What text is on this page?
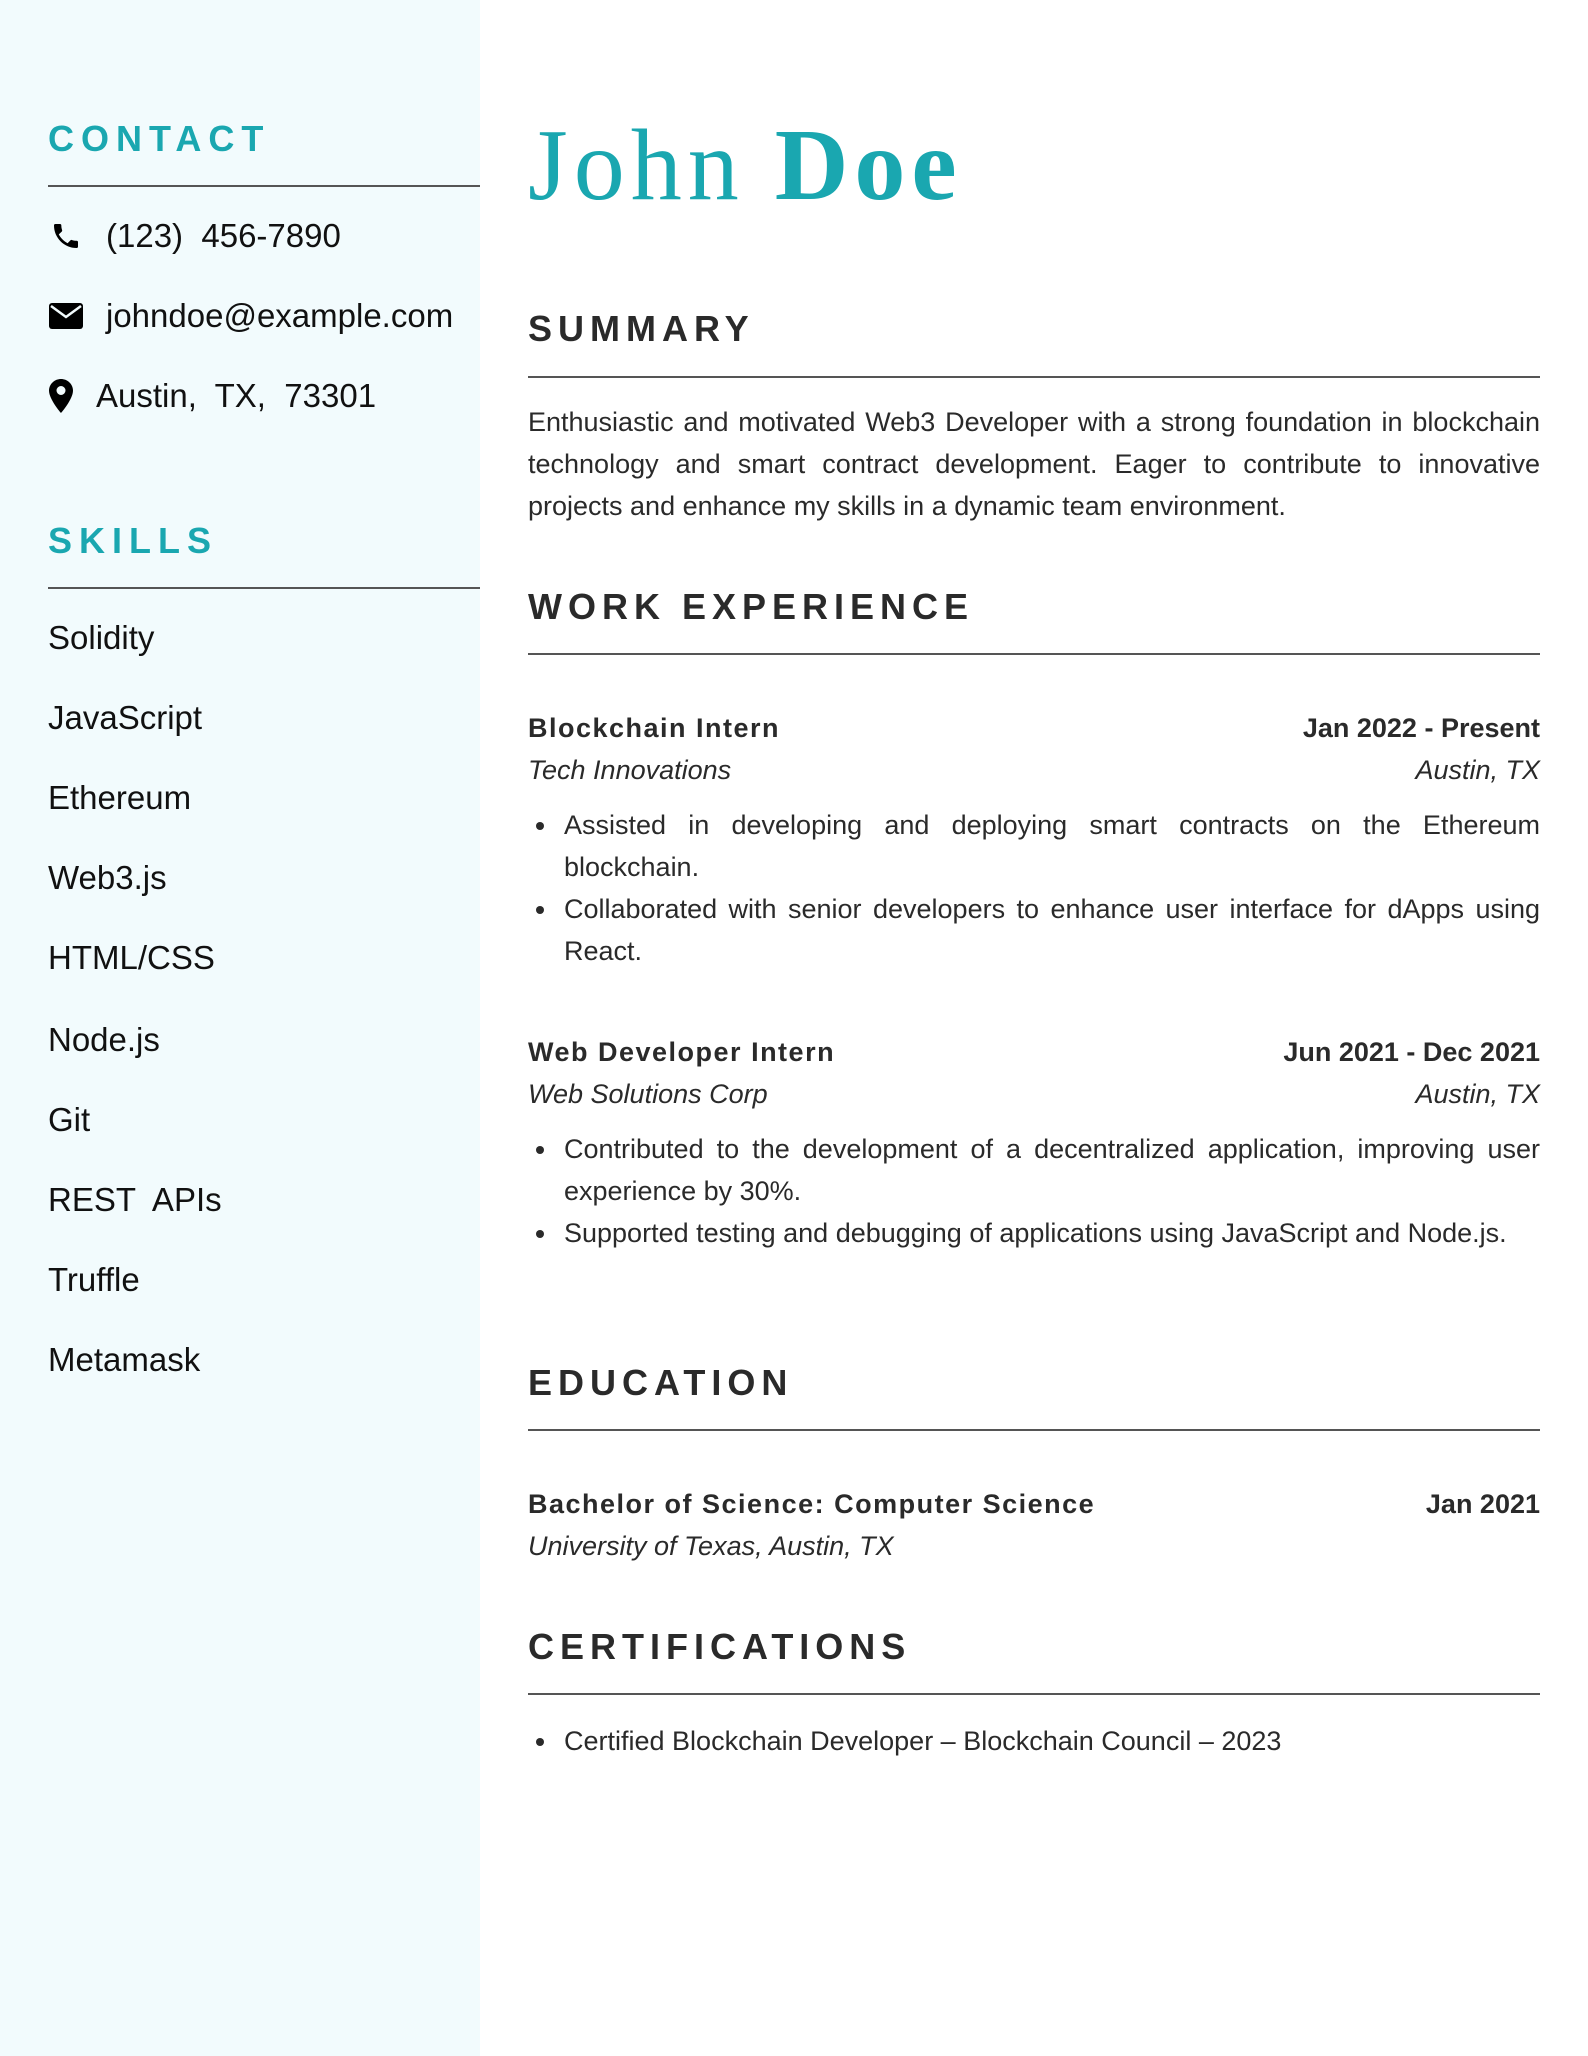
CONTACT
(123)  456-7890
johndoe@example.com
Austin,  TX,  73301
SKILLS
Solidity
JavaScript
Ethereum
Web3.js
HTML/CSS
Node.js
Git
REST  APIs
Truffle
Metamask
John Doe
SUMMARY

Enthusiastic and motivated Web3 Developer with a strong foundation in blockchain technology and smart contract development. Eager to contribute to innovative projects and enhance my skills in a dynamic team environment.

WORK EXPERIENCE
Blockchain Intern	Jan 2022 - Present
Tech Innovations	Austin, TX
Assisted in developing and deploying smart contracts on the Ethereum blockchain.
Collaborated with senior developers to enhance user interface for dApps using React.
Web Developer Intern	Jun 2021 - Dec 2021
Web Solutions Corp	Austin, TX
Contributed to the development of a decentralized application, improving user experience by 30%.
Supported testing and debugging of applications using JavaScript and Node.js.
EDUCATION
Bachelor of Science: Computer Science	Jan 2021
University of Texas, Austin, TX
CERTIFICATIONS
Certified Blockchain Developer – Blockchain Council – 2023
